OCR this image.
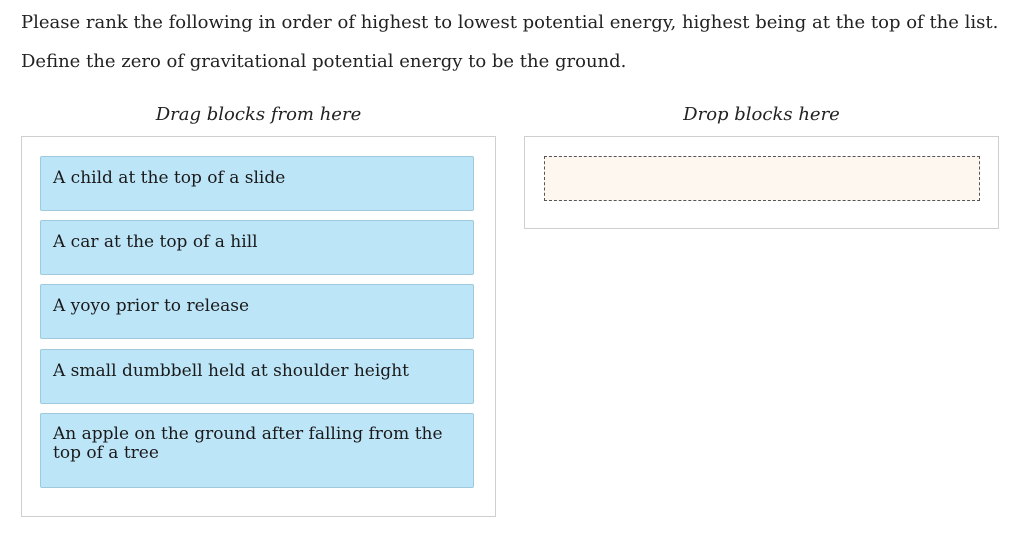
Please rank the following in order of highest to lowest potential energy, highest being at the top of the list.
Define the zero of gravitational potential energy to be the ground.
Drag blocks from here	Drop blocks here
A child at the top of a slide
A car at the top of a hill
A yoyo prior to release
A small dumbbell held at shoulder height
An apple on the ground after falling from the top of a tree
